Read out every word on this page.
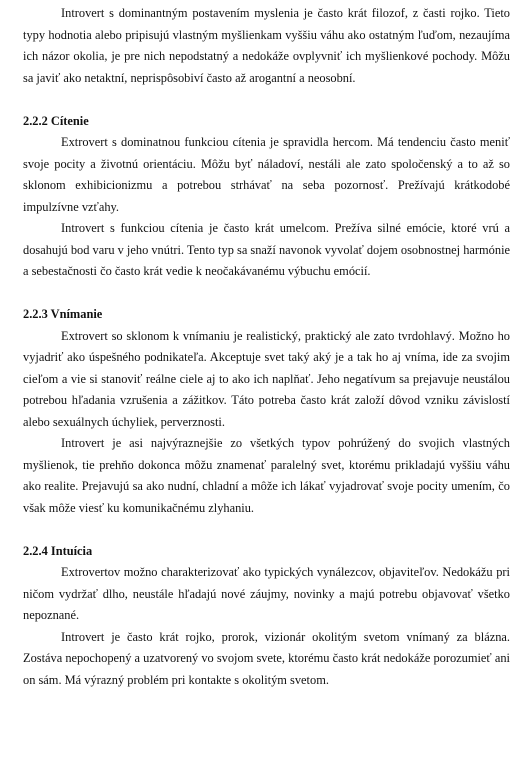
Introvert s dominantným postavením myslenia je často krát filozof, z časti rojko. Tieto typy hodnotia alebo pripisujú vlastným myšlienkam vyššiu váhu ako ostatným ľuďom, nezaujíma ich názor okolia, je pre nich nepodstatný a nedokáže ovplyvniť ich myšlienkové pochody. Môžu sa javiť ako netaktní, neprispôsobiví často až arogantní a neosobní.

2.2.2 Cítenie

Extrovert s dominatnou funkciou cítenia je spravidla hercom. Má tendenciu často meniť svoje pocity a životnú orientáciu. Môžu byť náladoví, nestáli ale zato spoločenský a to až so sklonom exhibicionizmu a potrebou strhávať na seba pozornosť. Prežívajú krátkodobé impulzívne vzťahy.

Introvert s funkciou cítenia je často krát umelcom. Prežíva silné emócie, ktoré vrú a dosahujú bod varu v jeho vnútri. Tento typ sa snaží navonok vyvolať dojem osobnostnej harmónie a sebestačnosti čo často krát vedie k neočakávanému výbuchu emócií.

2.2.3 Vnímanie

Extrovert so sklonom k vnímaniu je realistický, praktický ale zato tvrdohlavý. Možno ho vyjadriť ako úspešného podnikateľa. Akceptuje svet taký aký je a tak ho aj vníma, ide za svojim cieľom a vie si stanoviť reálne ciele aj to ako ich naplňať. Jeho negatívum sa prejavuje neustálou potrebou hľadania vzrušenia a zážitkov. Táto potreba často krát založí dôvod vzniku závislostí alebo sexuálnych úchyliek, perverznosti.

Introvert je asi najvýraznejšie zo všetkých typov pohrúžený do svojich vlastných myšlienok, tie prehňo dokonca môžu znamenať paralelný svet, ktorému prikladajú vyššiu váhu ako realite. Prejavujú sa ako nudní, chladní a môže ich lákať vyjadrovať svoje pocity umením, čo však môže viesť ku komunikačnému zlyhaniu.

2.2.4 Intuícia

Extrovertov možno charakterizovať ako typických vynálezcov, objaviteľov. Nedokážu pri ničom vydržať dlho, neustále hľadajú nové záujmy, novinky a majú potrebu objavovať všetko nepoznané.

Introvert je často krát rojko, prorok, vizionár okolitým svetom vnímaný za blázna. Zostáva nepochopený a uzatvorený vo svojom svete, ktorému často krát nedokáže porozumieť ani on sám. Má výrazný problém pri kontakte s okolitým svetom.
